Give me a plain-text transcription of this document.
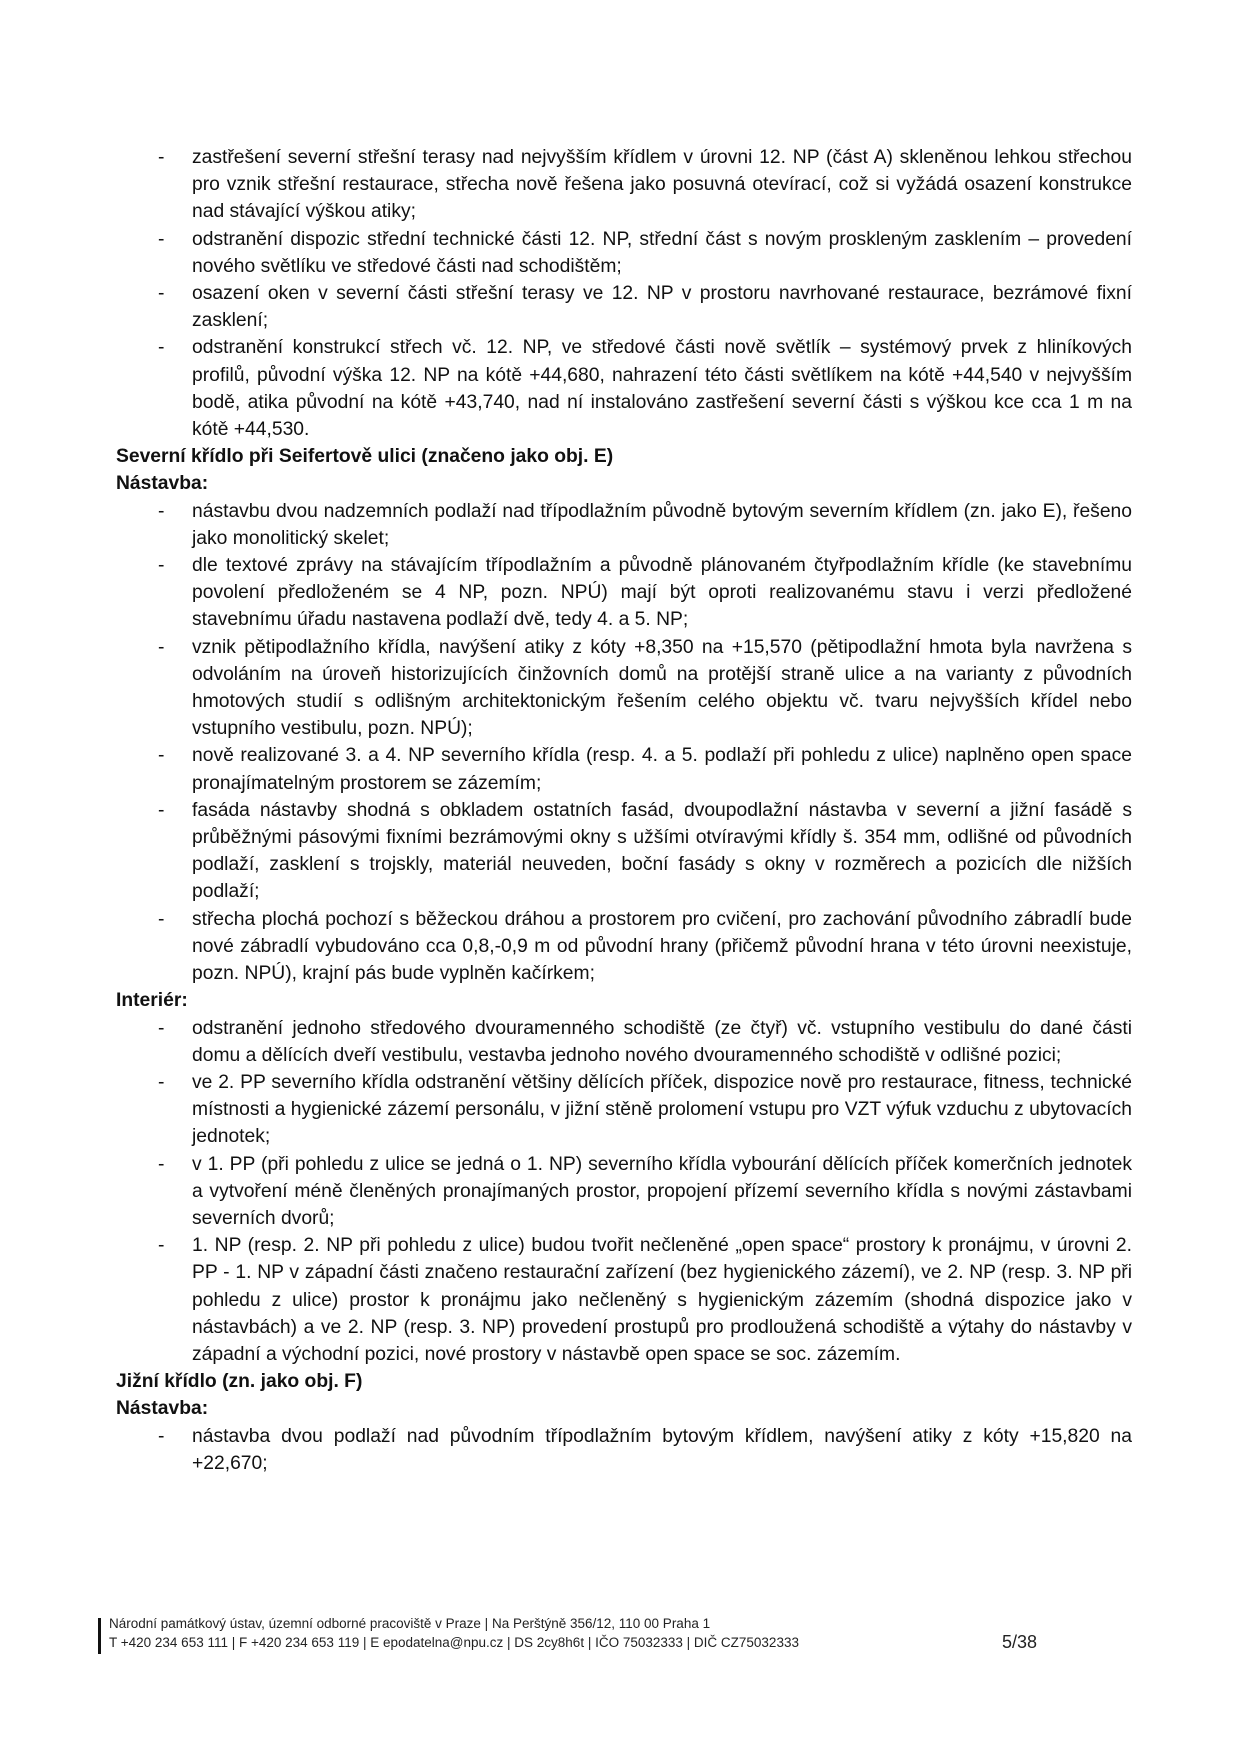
- zastřešení severní střešní terasy nad nejvyšším křídlem v úrovni 12. NP (část A) skleněnou lehkou střechou pro vznik střešní restaurace, střecha nově řešena jako posuvná otevírací, což si vyžádá osazení konstrukce nad stávající výškou atiky;
- odstranění dispozic střední technické části 12. NP, střední část s novým proskleným zasklením – provedení nového světlíku ve středové části nad schodištěm;
- osazení oken v severní části střešní terasy ve 12. NP v prostoru navrhované restaurace, bezrámové fixní zasklení;
- odstranění konstrukcí střech vč. 12. NP, ve středové části nově světlík – systémový prvek z hliníkových profilů, původní výška 12. NP na kótě +44,680, nahrazení této části světlíkem na kótě +44,540 v nejvyšším bodě, atika původní na kótě +43,740, nad ní instalováno zastřešení severní části s výškou kce cca 1 m na kótě +44,530.
Severní křídlo při Seifertově ulici (značeno jako obj. E)
Nástavba:
- nástavbu dvou nadzemních podlaží nad třípodlažním původně bytovým severním křídlem (zn. jako E), řešeno jako monolitický skelet;
- dle textové zprávy na stávajícím třípodlažním a původně plánovaném čtyřpodlažním křídle (ke stavebnímu povolení předloženém se 4 NP, pozn. NPÚ) mají být oproti realizovanému stavu i verzi předložené stavebnímu úřadu nastavena podlaží dvě, tedy 4. a 5. NP;
- vznik pětipodlažního křídla, navýšení atiky z kóty +8,350 na +15,570 (pětipodlažní hmota byla navržena s odvoláním na úroveň historizujících činžovních domů na protější straně ulice a na varianty z původních hmotových studií s odlišným architektonickým řešením celého objektu vč. tvaru nejvyšších křídel nebo vstupního vestibulu, pozn. NPÚ);
- nově realizované 3. a 4. NP severního křídla (resp. 4. a 5. podlaží při pohledu z ulice) naplněno open space pronajímatelným prostorem se zázemím;
- fasáda nástavby shodná s obkladem ostatních fasád, dvoupodlažní nástavba v severní a jižní fasádě s průběžnými pásovými fixními bezrámovými okny s užšími otvíravými křídly š. 354 mm, odlišné od původních podlaží, zasklení s trojskly, materiál neuveden, boční fasády s okny v rozměrech a pozicích dle nižších podlaží;
- střecha plochá pochozí s běžeckou dráhou a prostorem pro cvičení, pro zachování původního zábradlí bude nové zábradlí vybudováno cca 0,8,-0,9 m od původní hrany (přičemž původní hrana v této úrovni neexistuje, pozn. NPÚ), krajní pás bude vyplněn kačírkem;
Interiér:
- odstranění jednoho středového dvouramenného schodiště (ze čtyř) vč. vstupního vestibulu do dané části domu a dělících dveří vestibulu, vestavba jednoho nového dvouramenného schodiště v odlišné pozici;
- ve 2. PP severního křídla odstranění většiny dělících příček, dispozice nově pro restaurace, fitness, technické místnosti a hygienické zázemí personálu, v jižní stěně prolomení vstupu pro VZT výfuk vzduchu z ubytovacích jednotek;
- v 1. PP (při pohledu z ulice se jedná o 1. NP) severního křídla vybourání dělících příček komerčních jednotek a vytvoření méně členěných pronajímaných prostor, propojení přízemí severního křídla s novými zástavbami severních dvorů;
- 1. NP (resp. 2. NP při pohledu z ulice) budou tvořit nečleněné „open space“ prostory k pronájmu, v úrovni 2. PP - 1. NP v západní části značeno restaurační zařízení (bez hygienického zázemí), ve 2. NP (resp. 3. NP při pohledu z ulice) prostor k pronájmu jako nečleněný s hygienickým zázemím (shodná dispozice jako v nástavbách) a ve 2. NP (resp. 3. NP) provedení prostupů pro prodloužená schodiště a výtahy do nástavby v západní a východní pozici, nové prostory v nástavbě open space se soc. zázemím.
Jižní křídlo (zn. jako obj. F)
Nástavba:
- nástavba dvou podlaží nad původním třípodlažním bytovým křídlem, navýšení atiky z kóty +15,820 na +22,670;
Národní památkový ústav, územní odborné pracoviště v Praze | Na Perštýně 356/12, 110 00 Praha 1
T +420 234 653 111 | F +420 234 653 119 | E epodatelna@npu.cz | DS 2cy8h6t | IČO 75032333 | DIČ CZ75032333	5/38
